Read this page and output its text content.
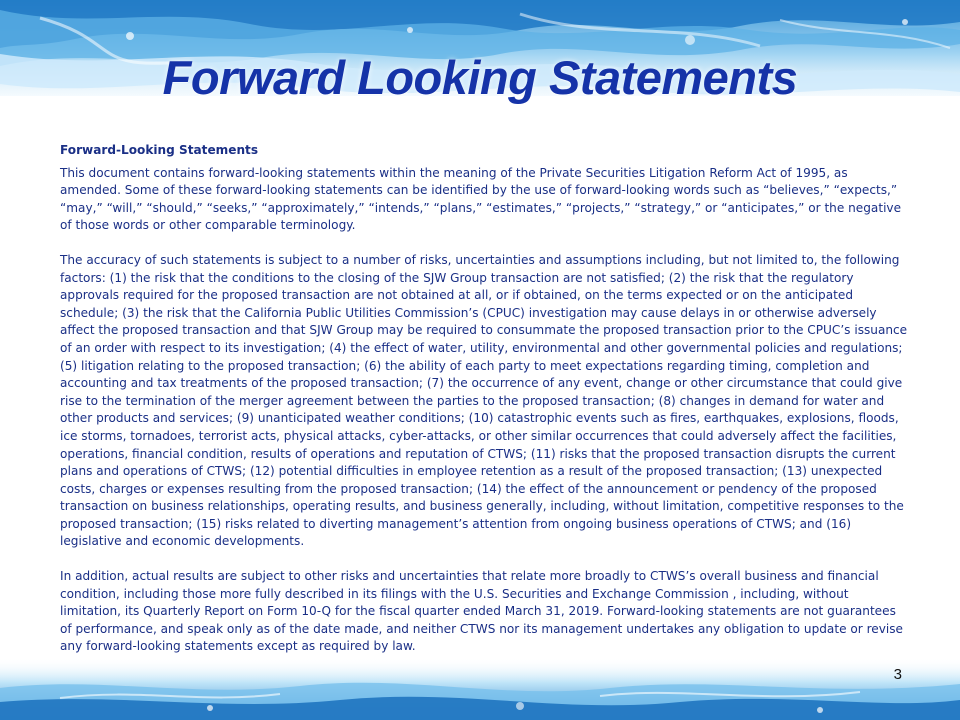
Forward Looking Statements

Forward-Looking Statements

This document contains forward-looking statements within the meaning of the Private Securities Litigation Reform Act of 1995, as amended. Some of these forward-looking statements can be identified by the use of forward-looking words such as “believes,” “expects,” “may,” “will,” “should,” “seeks,” “approximately,” “intends,” “plans,” “estimates,” “projects,” “strategy,” or “anticipates,” or the negative of those words or other comparable terminology.

The accuracy of such statements is subject to a number of risks, uncertainties and assumptions including, but not limited to, the following factors: (1) the risk that the conditions to the closing of the SJW Group transaction are not satisfied; (2) the risk that the regulatory approvals required for the proposed transaction are not obtained at all, or if obtained, on the terms expected or on the anticipated schedule; (3) the risk that the California Public Utilities Commission’s (CPUC) investigation may cause delays in or otherwise adversely affect the proposed transaction and that SJW Group may be required to consummate the proposed transaction prior to the CPUC’s issuance of an order with respect to its investigation; (4) the effect of water, utility, environmental and other governmental policies and regulations; (5) litigation relating to the proposed transaction; (6) the ability of each party to meet expectations regarding timing, completion and accounting and tax treatments of the proposed transaction; (7) the occurrence of any event, change or other circumstance that could give rise to the termination of the merger agreement between the parties to the proposed transaction; (8) changes in demand for water and other products and services; (9) unanticipated weather conditions; (10) catastrophic events such as fires, earthquakes, explosions, floods, ice storms, tornadoes, terrorist acts, physical attacks, cyber-attacks, or other similar occurrences that could adversely affect the facilities, operations, financial condition, results of operations and reputation of CTWS; (11) risks that the proposed transaction disrupts the current plans and operations of CTWS; (12) potential difficulties in employee retention as a result of the proposed transaction; (13) unexpected costs, charges or expenses resulting from the proposed transaction; (14) the effect of the announcement or pendency of the proposed transaction on business relationships, operating results, and business generally, including, without limitation, competitive responses to the proposed transaction; (15) risks related to diverting management’s attention from ongoing business operations of CTWS; and (16) legislative and economic developments.

In addition, actual results are subject to other risks and uncertainties that relate more broadly to CTWS’s overall business and financial condition, including those more fully described in its filings with the U.S. Securities and Exchange Commission , including, without limitation, its Quarterly Report on Form 10-Q for the fiscal quarter ended March 31, 2019. Forward-looking statements are not guarantees of performance, and speak only as of the date made, and neither CTWS nor its management undertakes any obligation to update or revise any forward-looking statements except as required by law.

3
